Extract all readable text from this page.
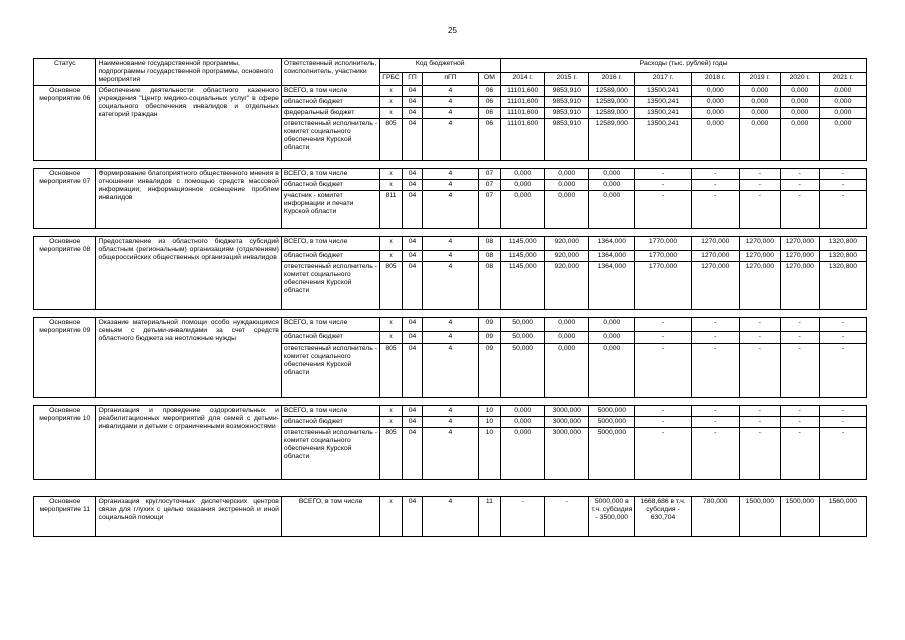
25
Статус	Наименование государственной программы, подпрограммы государственной программы, основного мероприятия	Ответственный исполнитель, соисполнитель, участники	Код бюджетной				Расходы (тыс. рублей) годы							
			ГРБС	ГП	пГП	ОМ	2014 г.	2015 г.	2016 г.	2017 г.	2018 г.	2019 г.	2020 г.	2021 г.
Основное мероприятие 06	Обеспечение деятельности областного казенного учреждения "Центр медико-социальных услуг" в сфере социального обеспечения инвалидов и отдельных категорий граждан	ВСЕГО, в том числе	x	04	4	06	11101,600	9853,910	12589,000	13500,241	0,000	0,000	0,000	0,000
		областной бюджет	x	04	4	06	11101,600	9853,910	12589,000	13500,241	0,000	0,000	0,000	0,000
		федеральный бюджет	x	04	4	06	11101,600	9853,910	12589,000	13500,241	0,000	0,000	0,000	0,000
		ответственный исполнитель - комитет социального обеспечения Курской области	805	04	4	06	11101,600	9853,910	12589,000	13500,241	0,000	0,000	0,000	0,000

Основное мероприятие 07	Формирование благоприятного общественного мнения в отношении инвалидов с помощью средств массовой информации; информационное освещение проблем инвалидов	ВСЕГО, в том числе	x	04	4	07	0,000	0,000	0,000	-	-	-	-	-
		областной бюджет	x	04	4	07	0,000	0,000	0,000	-	-	-	-	-
		участник - комитет информации и печати Курской области	811	04	4	07	0,000	0,000	0,000	-	-	-	-	-

Основное мероприятие 08	Предоставление из областного бюджета субсидий областным (региональным) организациям (отделениям) общероссийских общественных организаций инвалидов	ВСЕГО, в том числе	x	04	4	08	1145,000	920,000	1364,000	1770,000	1270,000	1270,000	1270,000	1320,800
		областной бюджет	x	04	4	08	1145,000	920,000	1364,000	1770,000	1270,000	1270,000	1270,000	1320,800
		ответственный исполнитель - комитет социального обеспечения Курской области	805	04	4	08	1145,000	920,000	1364,000	1770,000	1270,000	1270,000	1270,000	1320,800

Основное мероприятие 09	Оказание материальной помощи особо нуждающимся семьям с детьми-инвалидами за счет средств областного бюджета на неотложные нужды	ВСЕГО, в том числе	x	04	4	09	50,000	0,000	0,000	-	-	-	-	-
		областной бюджет	x	04	4	09	50,000	0,000	0,000	-	-	-	-	-
		ответственный исполнитель - комитет социального обеспечения Курской области	805	04	4	09	50,000	0,000	0,000	-	-	-	-	-

Основное мероприятие 10	Организация и проведение оздоровительных и реабилитационных мероприятий для семей с детьми-инвалидами и детьми с ограниченными возможностями	ВСЕГО, в том числе	x	04	4	10	0,000	3000,000	5000,000	-	-	-	-	-
		областной бюджет	x	04	4	10	0,000	3000,000	5000,000	-	-	-	-	-
		ответственный исполнитель - комитет социального обеспечения Курской области	805	04	4	10	0,000	3000,000	5000,000	-	-	-	-	-

Основное мероприятие 11	Организация круглосуточных диспетчерских центров связи для глухих с целью оказания экстренной и иной социальной помощи	ВСЕГО, в том числе	x	04	4	11	-	-	5000,000 в т.ч. субсидия - 3500,000	1668,686 в т.ч. субсидия - 630,704	780,000	1500,000	1500,000	1560,000
